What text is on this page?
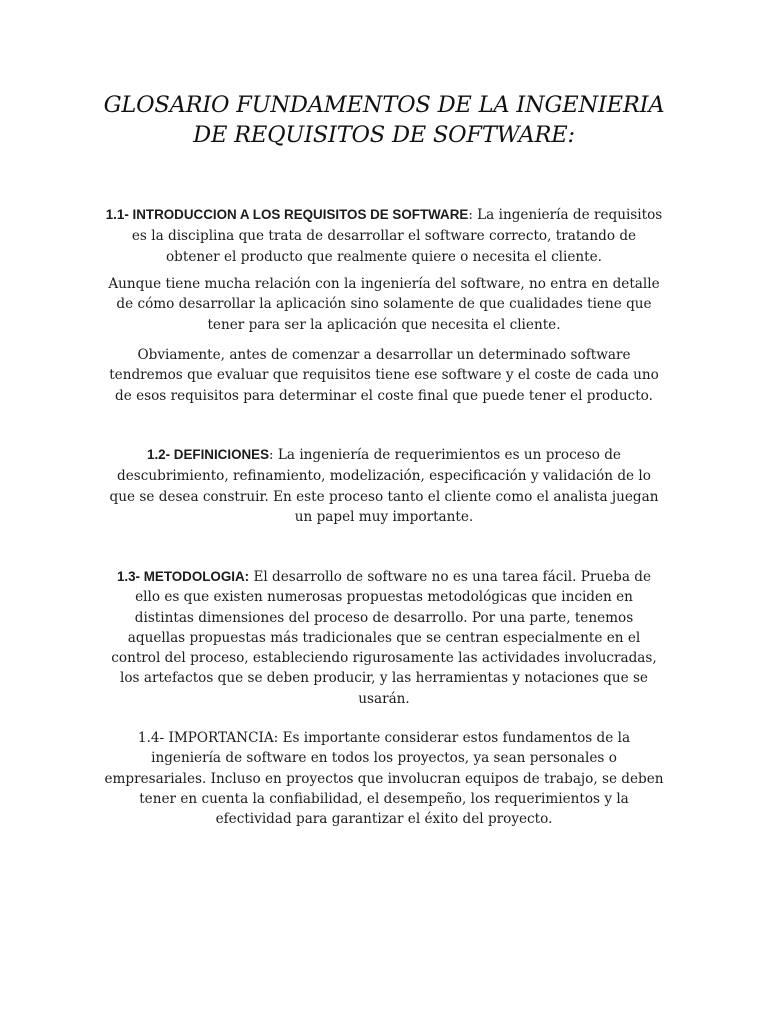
GLOSARIO FUNDAMENTOS DE LA INGENIERIA
DE REQUISITOS DE SOFTWARE:

1.1- INTRODUCCION A LOS REQUISITOS DE SOFTWARE: La ingeniería de requisitos es la disciplina que trata de desarrollar el software correcto, tratando de obtener el producto que realmente quiere o necesita el cliente.

Aunque tiene mucha relación con la ingeniería del software, no entra en detalle de cómo desarrollar la aplicación sino solamente de que cualidades tiene que tener para ser la aplicación que necesita el cliente.

Obviamente, antes de comenzar a desarrollar un determinado software tendremos que evaluar que requisitos tiene ese software y el coste de cada uno de esos requisitos para determinar el coste final que puede tener el producto.

1.2- DEFINICIONES: La ingeniería de requerimientos es un proceso de descubrimiento, refinamiento, modelización, especificación y validación de lo que se desea construir. En este proceso tanto el cliente como el analista juegan un papel muy importante.

1.3- METODOLOGIA: El desarrollo de software no es una tarea fácil. Prueba de ello es que existen numerosas propuestas metodológicas que inciden en distintas dimensiones del proceso de desarrollo. Por una parte, tenemos aquellas propuestas más tradicionales que se centran especialmente en el control del proceso, estableciendo rigurosamente las actividades involucradas, los artefactos que se deben producir, y las herramientas y notaciones que se usarán.

1.4- IMPORTANCIA: Es importante considerar estos fundamentos de la ingeniería de software en todos los proyectos, ya sean personales o empresariales. Incluso en proyectos que involucran equipos de trabajo, se deben tener en cuenta la confiabilidad, el desempeño, los requerimientos y la efectividad para garantizar el éxito del proyecto.
